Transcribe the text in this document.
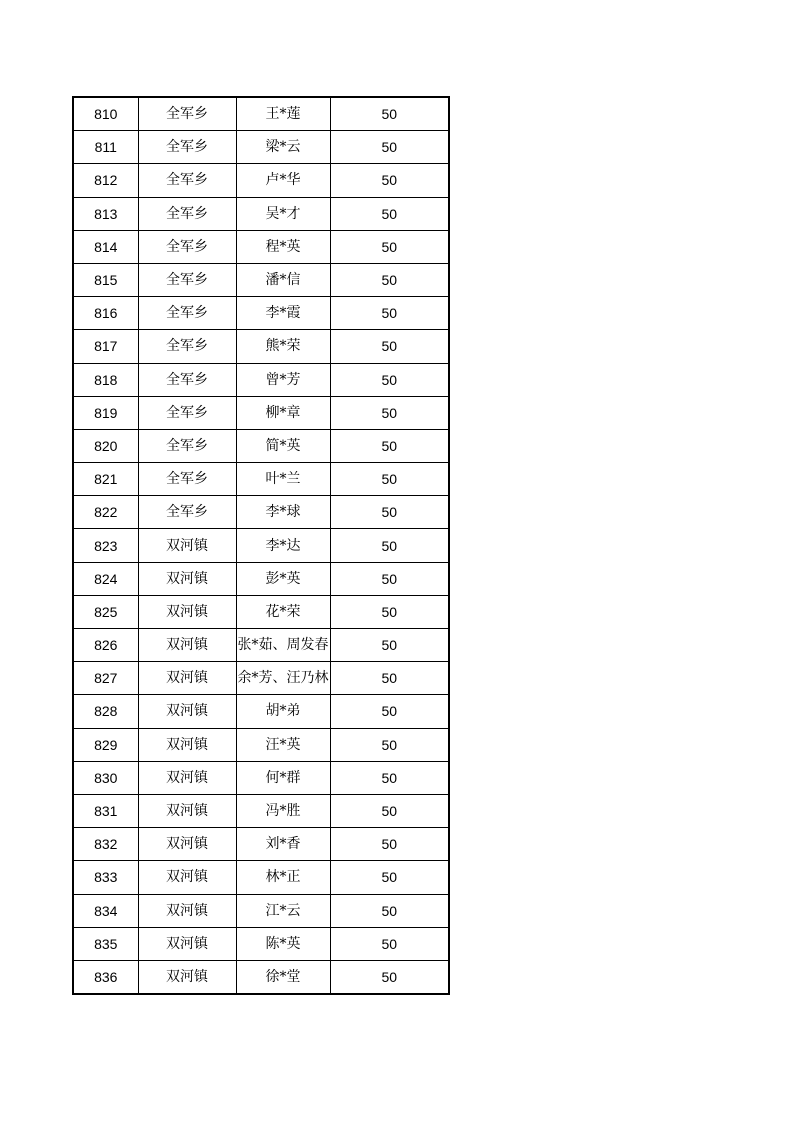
810	全军乡	王*莲	50
811	全军乡	梁*云	50
812	全军乡	卢*华	50
813	全军乡	吴*才	50
814	全军乡	程*英	50
815	全军乡	潘*信	50
816	全军乡	李*霞	50
817	全军乡	熊*荣	50
818	全军乡	曾*芳	50
819	全军乡	柳*章	50
820	全军乡	简*英	50
821	全军乡	叶*兰	50
822	全军乡	李*球	50
823	双河镇	李*达	50
824	双河镇	彭*英	50
825	双河镇	花*荣	50
826	双河镇	张*茹、周发春	50
827	双河镇	余*芳、汪乃林	50
828	双河镇	胡*弟	50
829	双河镇	汪*英	50
830	双河镇	何*群	50
831	双河镇	冯*胜	50
832	双河镇	刘*香	50
833	双河镇	林*正	50
834	双河镇	江*云	50
835	双河镇	陈*英	50
836	双河镇	徐*堂	50
